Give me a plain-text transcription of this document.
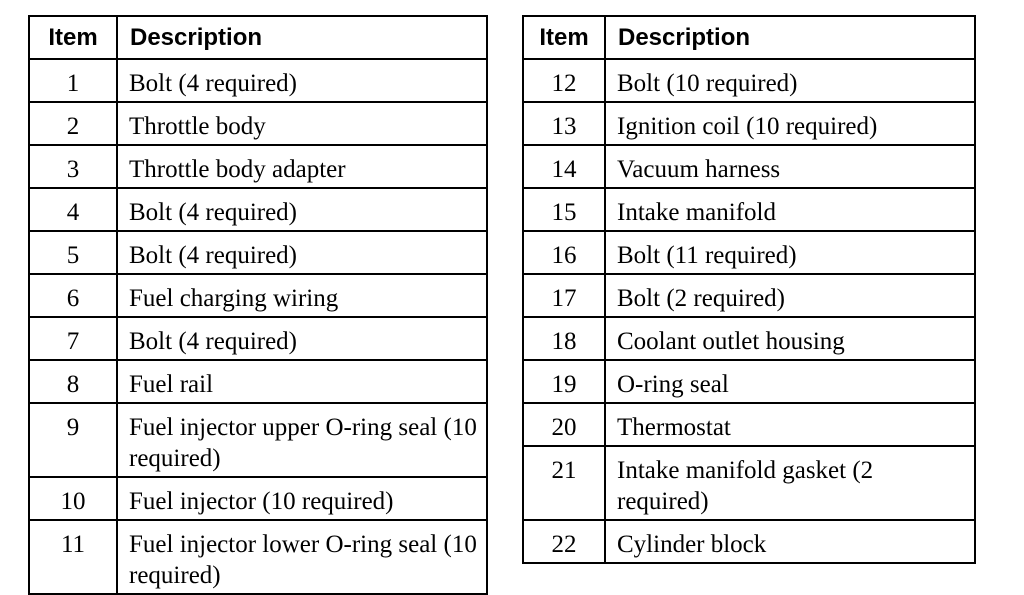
Item	Description
1	Bolt (4 required)
2	Throttle body
3	Throttle body adapter
4	Bolt (4 required)
5	Bolt (4 required)
6	Fuel charging wiring
7	Bolt (4 required)
8	Fuel rail
9	Fuel injector upper O-ring seal (10 required)
10	Fuel injector (10 required)
11	Fuel injector lower O-ring seal (10 required)
Item	Description
12	Bolt (10 required)
13	Ignition coil (10 required)
14	Vacuum harness
15	Intake manifold
16	Bolt (11 required)
17	Bolt (2 required)
18	Coolant outlet housing
19	O-ring seal
20	Thermostat
21	Intake manifold gasket (2 required)
22	Cylinder block
